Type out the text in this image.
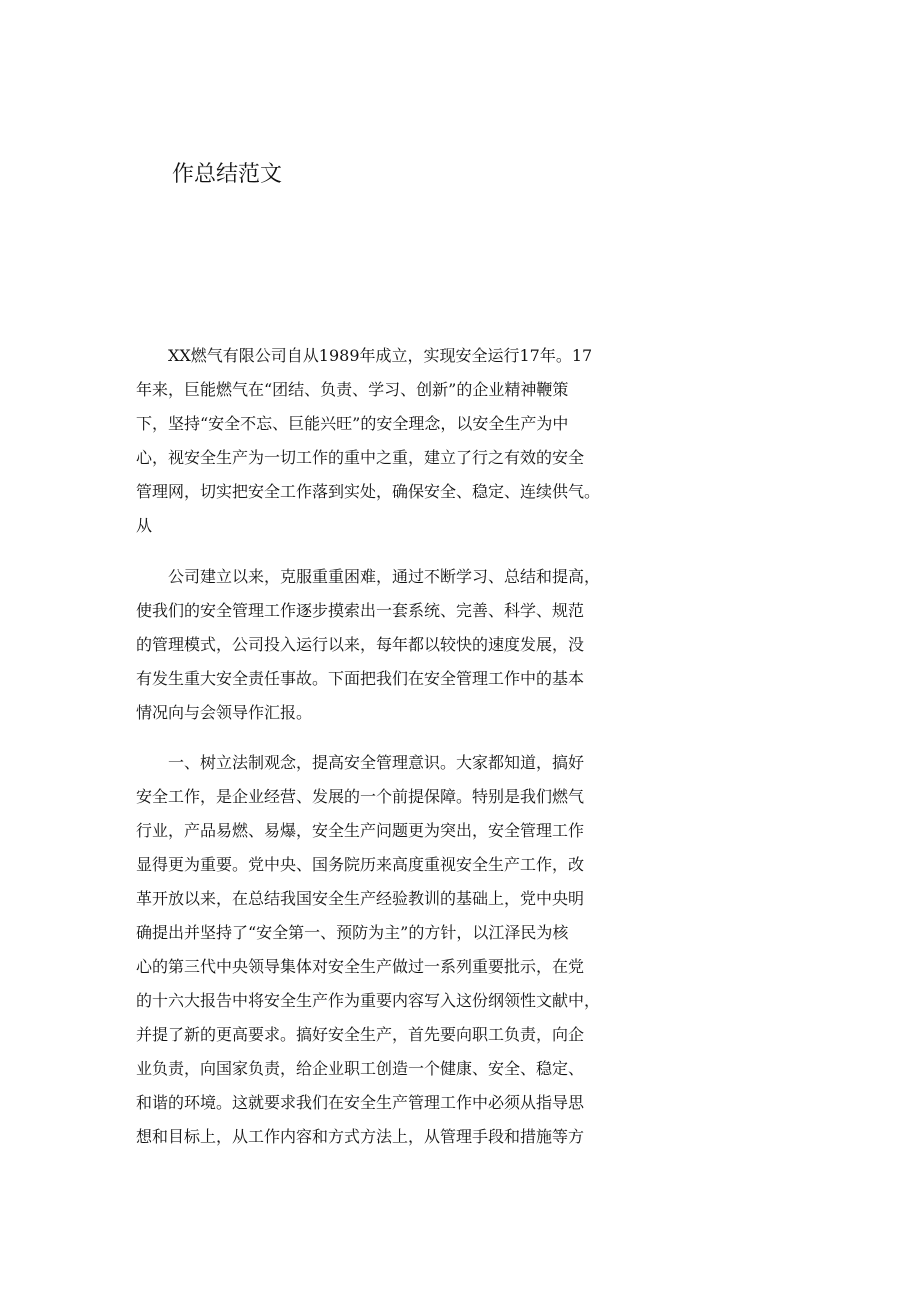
作总结范文
　　XX燃气有限公司自从1989年成立，实现安全运行17年。17
年来，巨能燃气在“团结、负责、学习、创新”的企业精神鞭策
下，坚持“安全不忘、巨能兴旺”的安全理念，以安全生产为中
心，视安全生产为一切工作的重中之重，建立了行之有效的安全
管理网，切实把安全工作落到实处，确保安全、稳定、连续供气。
从
　　公司建立以来，克服重重困难，通过不断学习、总结和提高，
使我们的安全管理工作逐步摸索出一套系统、完善、科学、规范
的管理模式，公司投入运行以来，每年都以较快的速度发展，没
有发生重大安全责任事故。下面把我们在安全管理工作中的基本
情况向与会领导作汇报。
　　一、树立法制观念，提高安全管理意识。大家都知道，搞好
安全工作，是企业经营、发展的一个前提保障。特别是我们燃气
行业，产品易燃、易爆，安全生产问题更为突出，安全管理工作
显得更为重要。党中央、国务院历来高度重视安全生产工作，改
革开放以来，在总结我国安全生产经验教训的基础上，党中央明
确提出并坚持了“安全第一、预防为主”的方针，以江泽民为核
心的第三代中央领导集体对安全生产做过一系列重要批示，在党
的十六大报告中将安全生产作为重要内容写入这份纲领性文献中，
并提了新的更高要求。搞好安全生产，首先要向职工负责，向企
业负责，向国家负责，给企业职工创造一个健康、安全、稳定、
和谐的环境。这就要求我们在安全生产管理工作中必须从指导思
想和目标上，从工作内容和方式方法上，从管理手段和措施等方
